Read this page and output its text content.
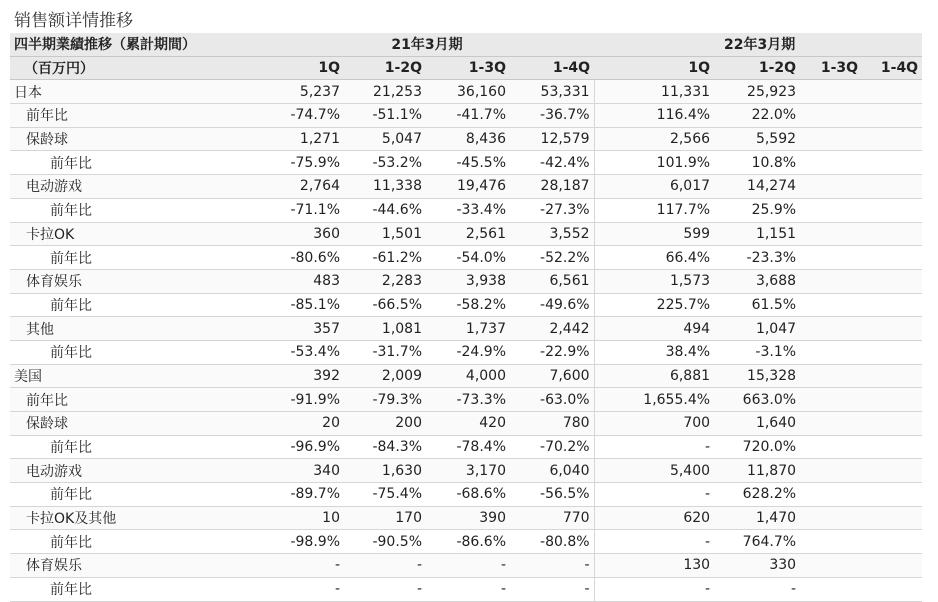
销售额详情推移
四半期業績推移（累計期間）	21年3月期				22年3月期			
（百万円）	1Q	1-2Q	1-3Q	1-4Q	1Q	1-2Q	1-3Q	1-4Q
日本	5,237	21,253	36,160	53,331	11,331	25,923		
前年比	-74.7%	-51.1%	-41.7%	-36.7%	116.4%	22.0%		
保龄球	1,271	5,047	8,436	12,579	2,566	5,592		
前年比	-75.9%	-53.2%	-45.5%	-42.4%	101.9%	10.8%		
电动游戏	2,764	11,338	19,476	28,187	6,017	14,274		
前年比	-71.1%	-44.6%	-33.4%	-27.3%	117.7%	25.9%		
卡拉OK	360	1,501	2,561	3,552	599	1,151		
前年比	-80.6%	-61.2%	-54.0%	-52.2%	66.4%	-23.3%		
体育娱乐	483	2,283	3,938	6,561	1,573	3,688		
前年比	-85.1%	-66.5%	-58.2%	-49.6%	225.7%	61.5%		
其他	357	1,081	1,737	2,442	494	1,047		
前年比	-53.4%	-31.7%	-24.9%	-22.9%	38.4%	-3.1%		
美国	392	2,009	4,000	7,600	6,881	15,328		
前年比	-91.9%	-79.3%	-73.3%	-63.0%	1,655.4%	663.0%		
保龄球	20	200	420	780	700	1,640		
前年比	-96.9%	-84.3%	-78.4%	-70.2%	-	720.0%		
电动游戏	340	1,630	3,170	6,040	5,400	11,870		
前年比	-89.7%	-75.4%	-68.6%	-56.5%	-	628.2%		
卡拉OK及其他	10	170	390	770	620	1,470		
前年比	-98.9%	-90.5%	-86.6%	-80.8%	-	764.7%		
体育娱乐	-	-	-	-	130	330		
前年比	-	-	-	-	-	-		
